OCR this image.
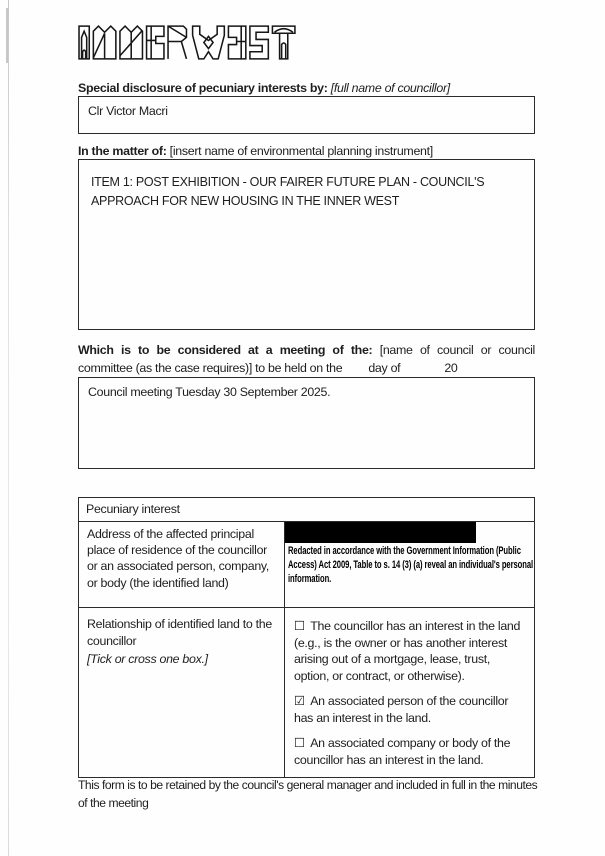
Special disclosure of pecuniary interests by: [full name of councillor]
Clr Victor Macri
In the matter of: [insert name of environmental planning instrument]
ITEM 1: POST EXHIBITION - OUR FAIRER FUTURE PLAN - COUNCIL'S APPROACH FOR NEW HOUSING IN THE INNER WEST
Which is to be considered at a meeting of the: [name of council or council
committee (as the case requires)] to be held on the day of	20
Council meeting Tuesday 30 September 2025.
Pecuniary interest
Address of the affected principal place of residence of the councillor or an associated person, company, or body (the identified land)
Redacted in accordance with the Government Information (Public Access) Act 2009, Table to s. 14 (3) (a) reveal an individual's personal information.
Relationship of identified land to the councillor
[Tick or cross one box.]

☐ The councillor has an interest in the land (e.g., is the owner or has another interest arising out of a mortgage, lease, trust, option, or contract, or otherwise).

☑ An associated person of the councillor has an interest in the land.

☐ An associated company or body of the councillor has an interest in the land.

This form is to be retained by the council's general manager and included in full in the minutes of the meeting
